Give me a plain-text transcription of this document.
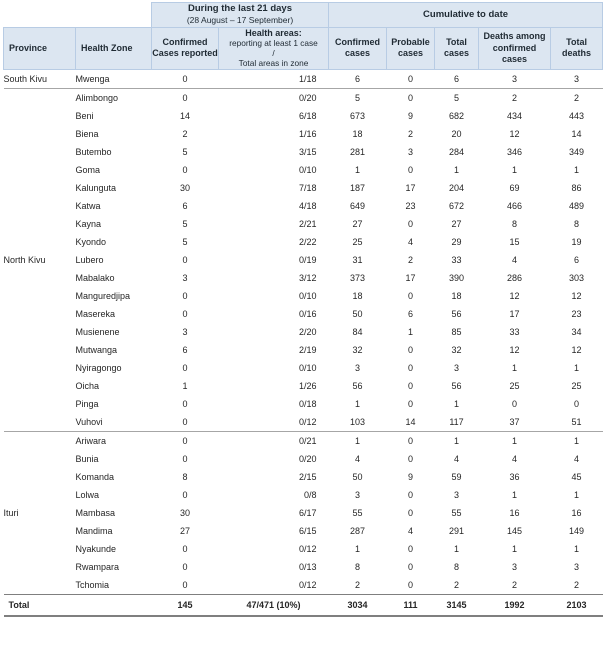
		During the last 21 days
(28 August – 17 September)		Cumulative to date				
Province	Health Zone	Confirmed Cases reported	Health areas:
reporting at least 1 case
/
Total areas in zone	Confirmed cases	Probable cases	Total cases	Deaths among confirmed cases	Total deaths
South Kivu	Mwenga	0	1/18	6	0	6	3	3
North Kivu	Alimbongo	0	0/20	5	0	5	2	2
	Beni	14	6/18	673	9	682	434	443
	Biena	2	1/16	18	2	20	12	14
	Butembo	5	3/15	281	3	284	346	349
	Goma	0	0/10	1	0	1	1	1
	Kalunguta	30	7/18	187	17	204	69	86
	Katwa	6	4/18	649	23	672	466	489
	Kayna	5	2/21	27	0	27	8	8
	Kyondo	5	2/22	25	4	29	15	19
	Lubero	0	0/19	31	2	33	4	6
	Mabalako	3	3/12	373	17	390	286	303
	Manguredjipa	0	0/10	18	0	18	12	12
	Masereka	0	0/16	50	6	56	17	23
	Musienene	3	2/20	84	1	85	33	34
	Mutwanga	6	2/19	32	0	32	12	12
	Nyiragongo	0	0/10	3	0	3	1	1
	Oicha	1	1/26	56	0	56	25	25
	Pinga	0	0/18	1	0	1	0	0
	Vuhovi	0	0/12	103	14	117	37	51
Ituri	Ariwara	0	0/21	1	0	1	1	1
	Bunia	0	0/20	4	0	4	4	4
	Komanda	8	2/15	50	9	59	36	45
	Lolwa	0	0/8	3	0	3	1	1
	Mambasa	30	6/17	55	0	55	16	16
	Mandima	27	6/15	287	4	291	145	149
	Nyakunde	0	0/12	1	0	1	1	1
	Rwampara	0	0/13	8	0	8	3	3
	Tchomia	0	0/12	2	0	2	2	2
Total		145	47/471 (10%)	3034	111	3145	1992	2103
